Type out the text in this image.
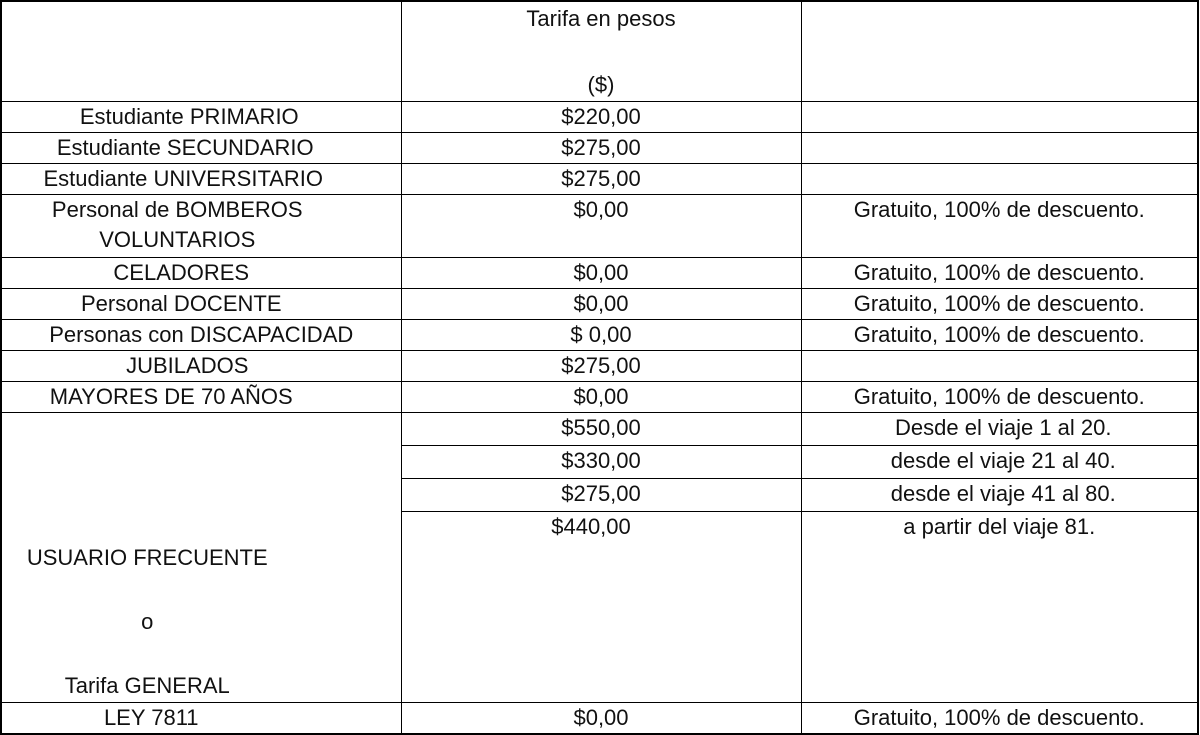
	Tarifa en pesos

($)	

Estudiante PRIMARIO	$220,00	

Estudiante SECUNDARIO	$275,00	

Estudiante UNIVERSITARIO	$275,00	

Personal de BOMBEROS
VOLUNTARIOS	$0,00	Gratuito, 100% de descuento.

CELADORES	$0,00	Gratuito, 100% de descuento.

Personal DOCENTE	$0,00	Gratuito, 100% de descuento.

Personas con DISCAPACIDAD	$ 0,00	Gratuito, 100% de descuento.

JUBILADOS	$275,00	

MAYORES DE 70 AÑOS	$0,00	Gratuito, 100% de descuento.

USUARIO FRECUENTE

o

Tarifa GENERAL	$550,00	Desde el viaje 1 al 20.

	$330,00	desde el viaje 21 al 40.

	$275,00	desde el viaje 41 al 80.

	$440,00	a partir del viaje 81.

LEY 7811	$0,00	Gratuito, 100% de descuento.
